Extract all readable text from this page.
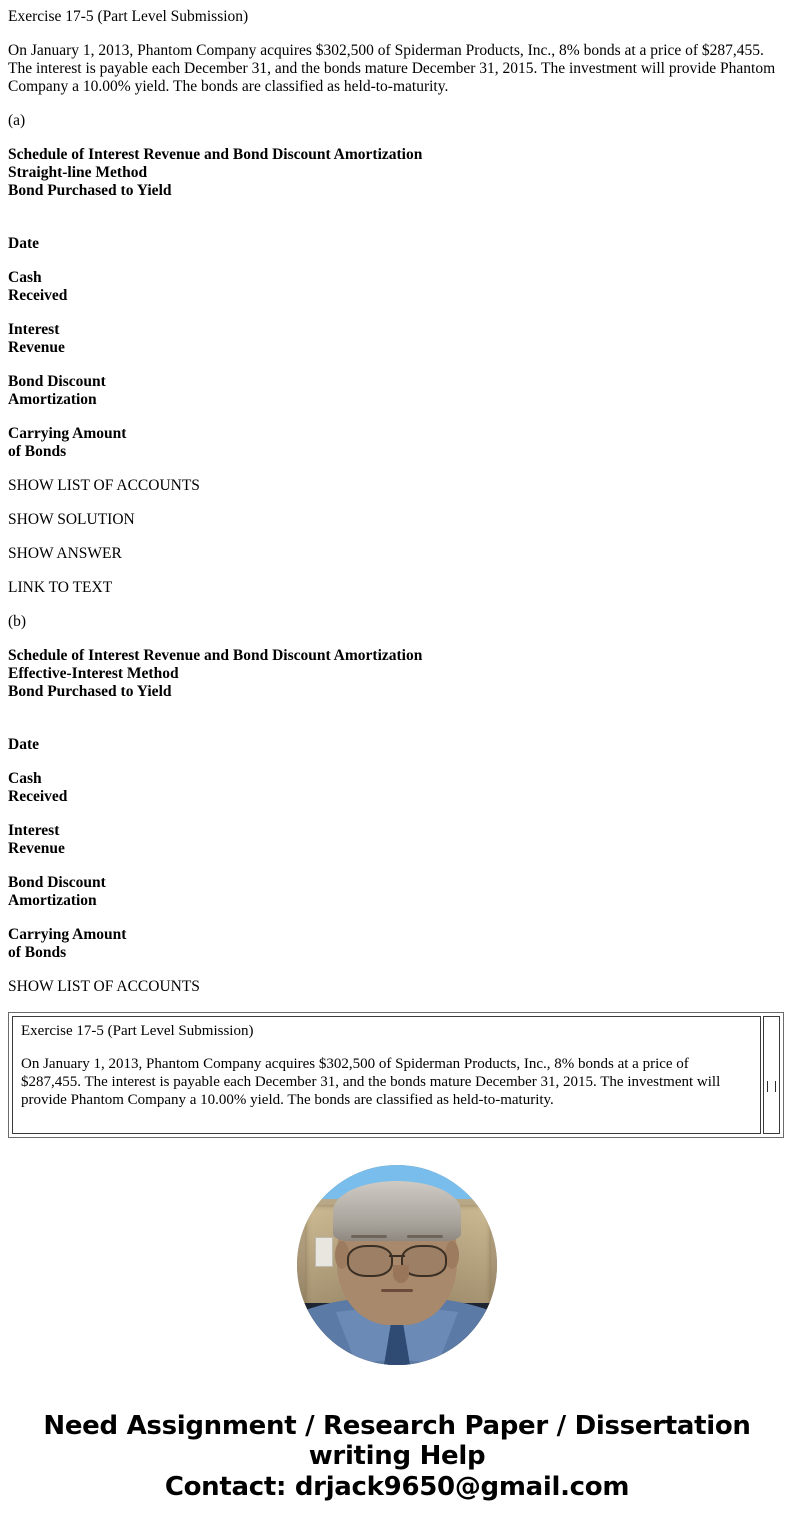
Exercise 17-5 (Part Level Submission)
On January 1, 2013, Phantom Company acquires $302,500 of Spiderman Products, Inc., 8% bonds at a price of $287,455. The interest is payable each December 31, and the bonds mature December 31, 2015. The investment will provide Phantom Company a 10.00% yield. The bonds are classified as held-to-maturity.
(a)
Schedule of Interest Revenue and Bond Discount Amortization
Straight-line Method
Bond Purchased to Yield
Date
Cash
Received
Interest
Revenue
Bond Discount
Amortization
Carrying Amount
of Bonds
SHOW LIST OF ACCOUNTS
SHOW SOLUTION
SHOW ANSWER
LINK TO TEXT
(b)
Schedule of Interest Revenue and Bond Discount Amortization
Effective-Interest Method
Bond Purchased to Yield
Date
Cash
Received
Interest
Revenue
Bond Discount
Amortization
Carrying Amount
of Bonds
SHOW LIST OF ACCOUNTS

Exercise 17-5 (Part Level Submission)

On January 1, 2013, Phantom Company acquires $302,500 of Spiderman Products, Inc., 8% bonds at a price of $287,455. The interest is payable each December 31, and the bonds mature December 31, 2015. The investment will provide Phantom Company a 10.00% yield. The bonds are classified as held-to-maturity.

Need Assignment / Research Paper / Dissertation writing Help
Contact: drjack9650@gmail.com
